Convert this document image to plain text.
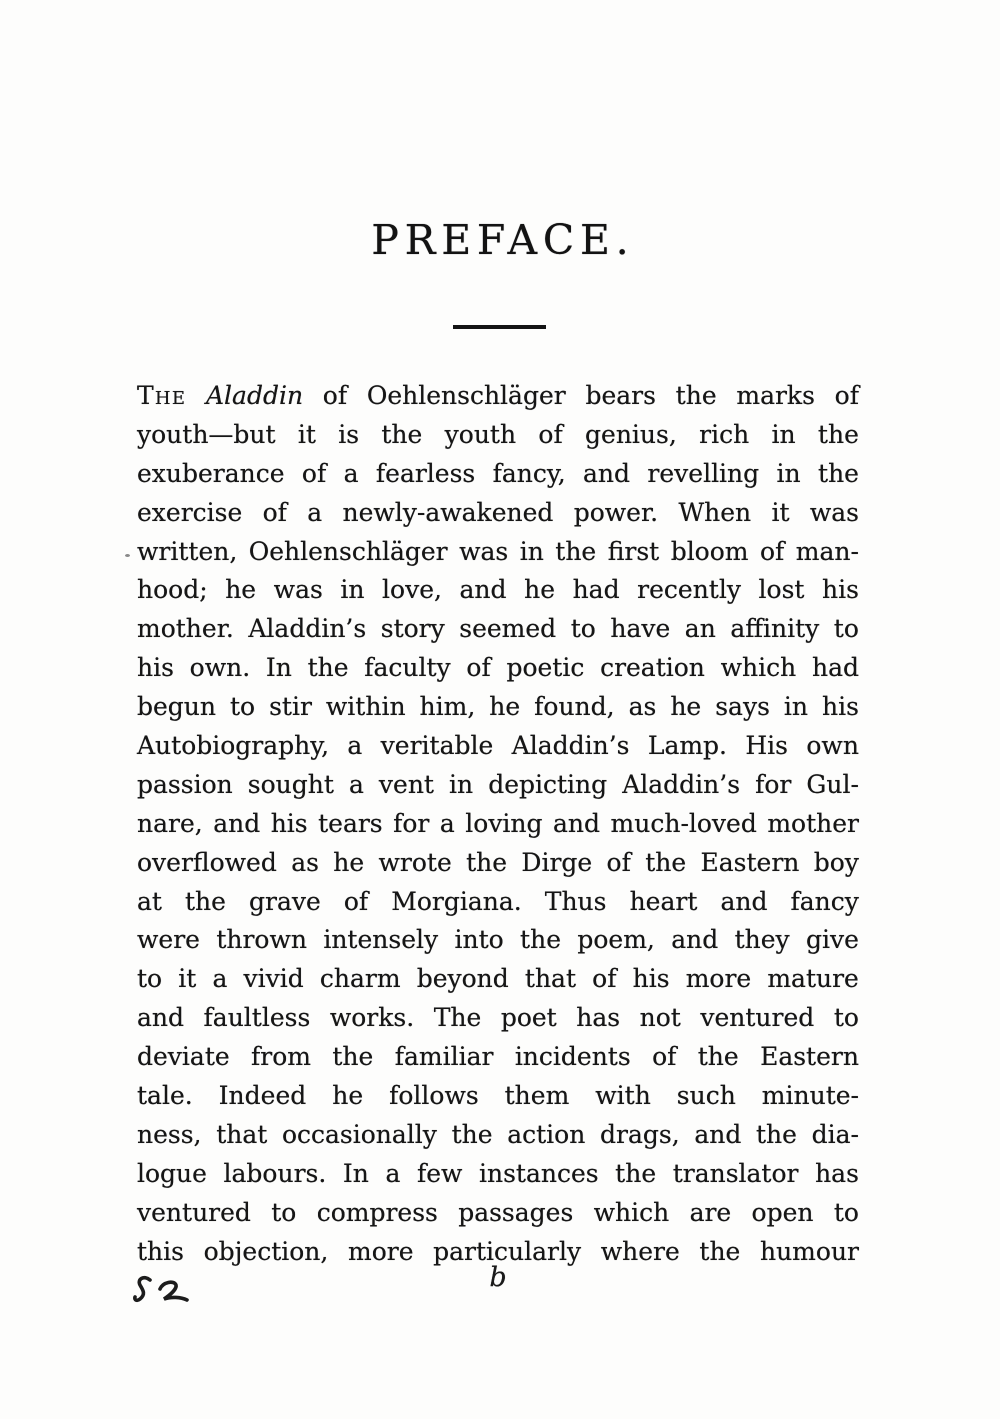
PREFACE.
The Aladdin of Oehlenschläger bears the marks of
youth—but it is the youth of genius, rich in the
exuberance of a fearless fancy, and revelling in the
exercise of a newly-awakened power. When it was
written, Oehlenschläger was in the first bloom of man-
hood; he was in love, and he had recently lost his
mother. Aladdin’s story seemed to have an affinity to
his own. In the faculty of poetic creation which had
begun to stir within him, he found, as he says in his
Autobiography, a veritable Aladdin’s Lamp. His own
passion sought a vent in depicting Aladdin’s for Gul-
nare, and his tears for a loving and much-loved mother
overflowed as he wrote the Dirge of the Eastern boy
at the grave of Morgiana. Thus heart and fancy
were thrown intensely into the poem, and they give
to it a vivid charm beyond that of his more mature
and faultless works. The poet has not ventured to
deviate from the familiar incidents of the Eastern
tale. Indeed he follows them with such minute-
ness, that occasionally the action drags, and the dia-
logue labours. In a few instances the translator has
ventured to compress passages which are open to
this objection, more particularly where the humour
b
